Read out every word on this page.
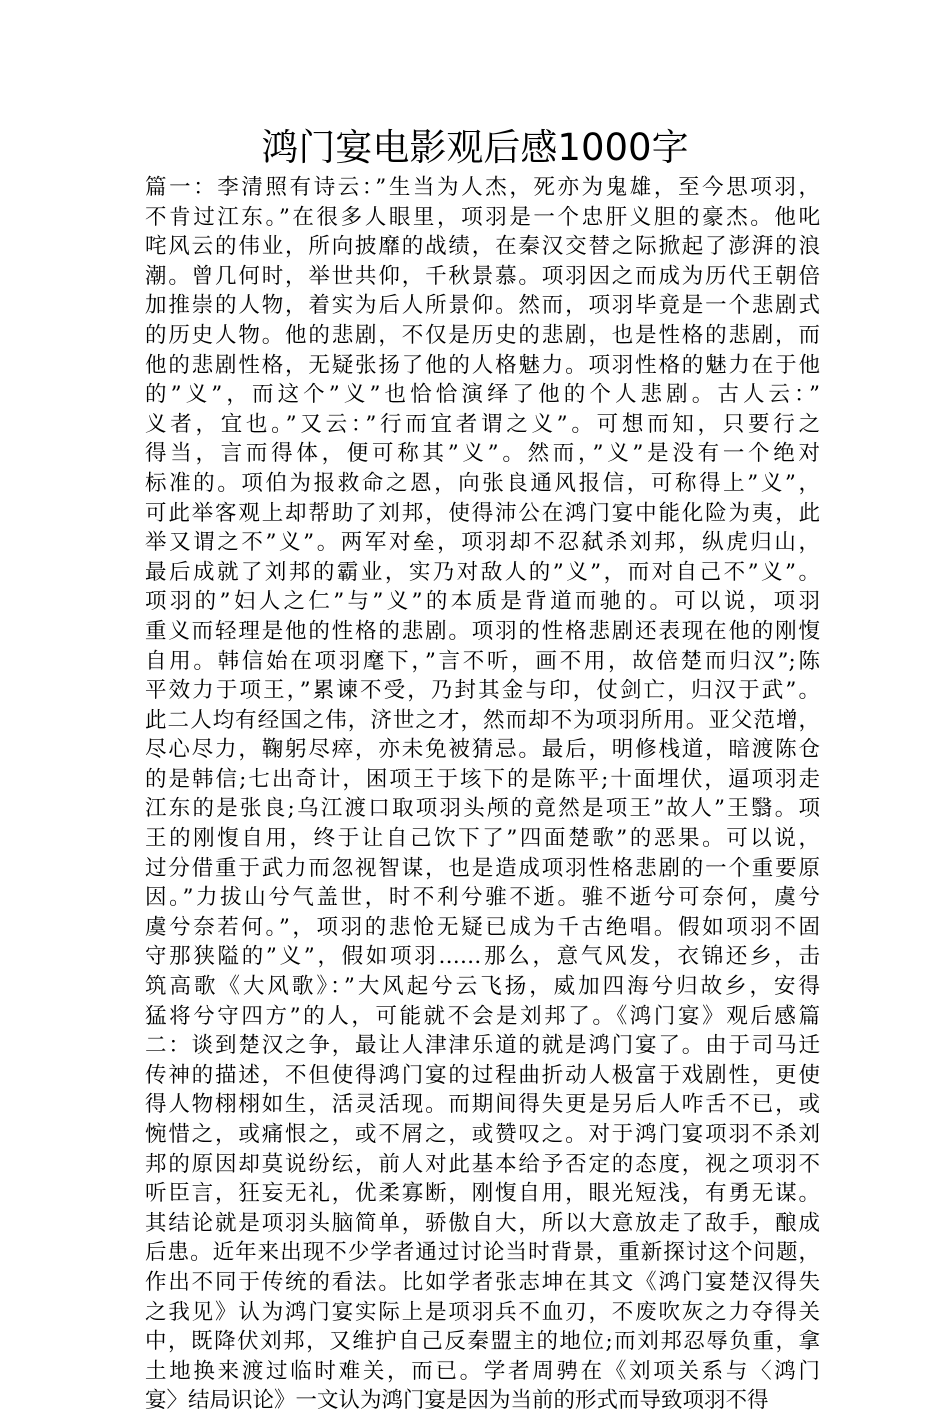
鸿门宴电影观后感1000字
篇一：李清照有诗云：”生当为人杰，死亦为鬼雄，至今思项羽，
不肯过江东。”在很多人眼里，项羽是一个忠肝义胆的豪杰。他叱
咤风云的伟业，所向披靡的战绩，在秦汉交替之际掀起了澎湃的浪
潮。曾几何时，举世共仰，千秋景慕。项羽因之而成为历代王朝倍
加推崇的人物，着实为后人所景仰。然而，项羽毕竟是一个悲剧式
的历史人物。他的悲剧，不仅是历史的悲剧，也是性格的悲剧，而
他的悲剧性格，无疑张扬了他的人格魅力。项羽性格的魅力在于他
的”义”，而这个”义”也恰恰演绎了他的个人悲剧。古人云：”
义者，宜也。”又云：”行而宜者谓之义”。可想而知，只要行之
得当，言而得体，便可称其”义”。然而，”义”是没有一个绝对
标准的。项伯为报救命之恩，向张良通风报信，可称得上”义”，
可此举客观上却帮助了刘邦，使得沛公在鸿门宴中能化险为夷，此
举又谓之不”义”。两军对垒，项羽却不忍弑杀刘邦，纵虎归山，
最后成就了刘邦的霸业，实乃对敌人的”义”，而对自己不”义”。
项羽的”妇人之仁”与”义”的本质是背道而驰的。可以说，项羽
重义而轻理是他的性格的悲剧。项羽的性格悲剧还表现在他的刚愎
自用。韩信始在项羽麾下，”言不听，画不用，故倍楚而归汉”;陈
平效力于项王，”累谏不受，乃封其金与印，仗剑亡，归汉于武”。
此二人均有经国之伟，济世之才，然而却不为项羽所用。亚父范增，
尽心尽力，鞠躬尽瘁，亦未免被猜忌。最后，明修栈道，暗渡陈仓
的是韩信;七出奇计，困项王于垓下的是陈平;十面埋伏，逼项羽走
江东的是张良;乌江渡口取项羽头颅的竟然是项王”故人”王翳。项
王的刚愎自用，终于让自己饮下了”四面楚歌”的恶果。可以说，
过分借重于武力而忽视智谋，也是造成项羽性格悲剧的一个重要原
因。”力拔山兮气盖世，时不利兮骓不逝。骓不逝兮可奈何，虞兮
虞兮奈若何。”，项羽的悲怆无疑已成为千古绝唱。假如项羽不固
守那狭隘的”义”，假如项羽……那么，意气风发，衣锦还乡，击
筑高歌《大风歌》：”大风起兮云飞扬，威加四海兮归故乡，安得
猛将兮守四方”的人，可能就不会是刘邦了。《鸿门宴》观后感篇
二：谈到楚汉之争，最让人津津乐道的就是鸿门宴了。由于司马迁
传神的描述，不但使得鸿门宴的过程曲折动人极富于戏剧性，更使
得人物栩栩如生，活灵活现。而期间得失更是另后人咋舌不已，或
惋惜之，或痛恨之，或不屑之，或赞叹之。对于鸿门宴项羽不杀刘
邦的原因却莫说纷纭，前人对此基本给予否定的态度，视之项羽不
听臣言，狂妄无礼，优柔寡断，刚愎自用，眼光短浅，有勇无谋。
其结论就是项羽头脑简单，骄傲自大，所以大意放走了敌手，酿成
后患。近年来出现不少学者通过讨论当时背景，重新探讨这个问题，
作出不同于传统的看法。比如学者张志坤在其文《鸿门宴楚汉得失
之我见》认为鸿门宴实际上是项羽兵不血刃，不废吹灰之力夺得关
中，既降伏刘邦，又维护自己反秦盟主的地位;而刘邦忍辱负重，拿
土地换来渡过临时难关，而已。学者周骋在《刘项关系与〈鸿门
宴〉结局识论》一文认为鸿门宴是因为当前的形式而导致项羽不得
